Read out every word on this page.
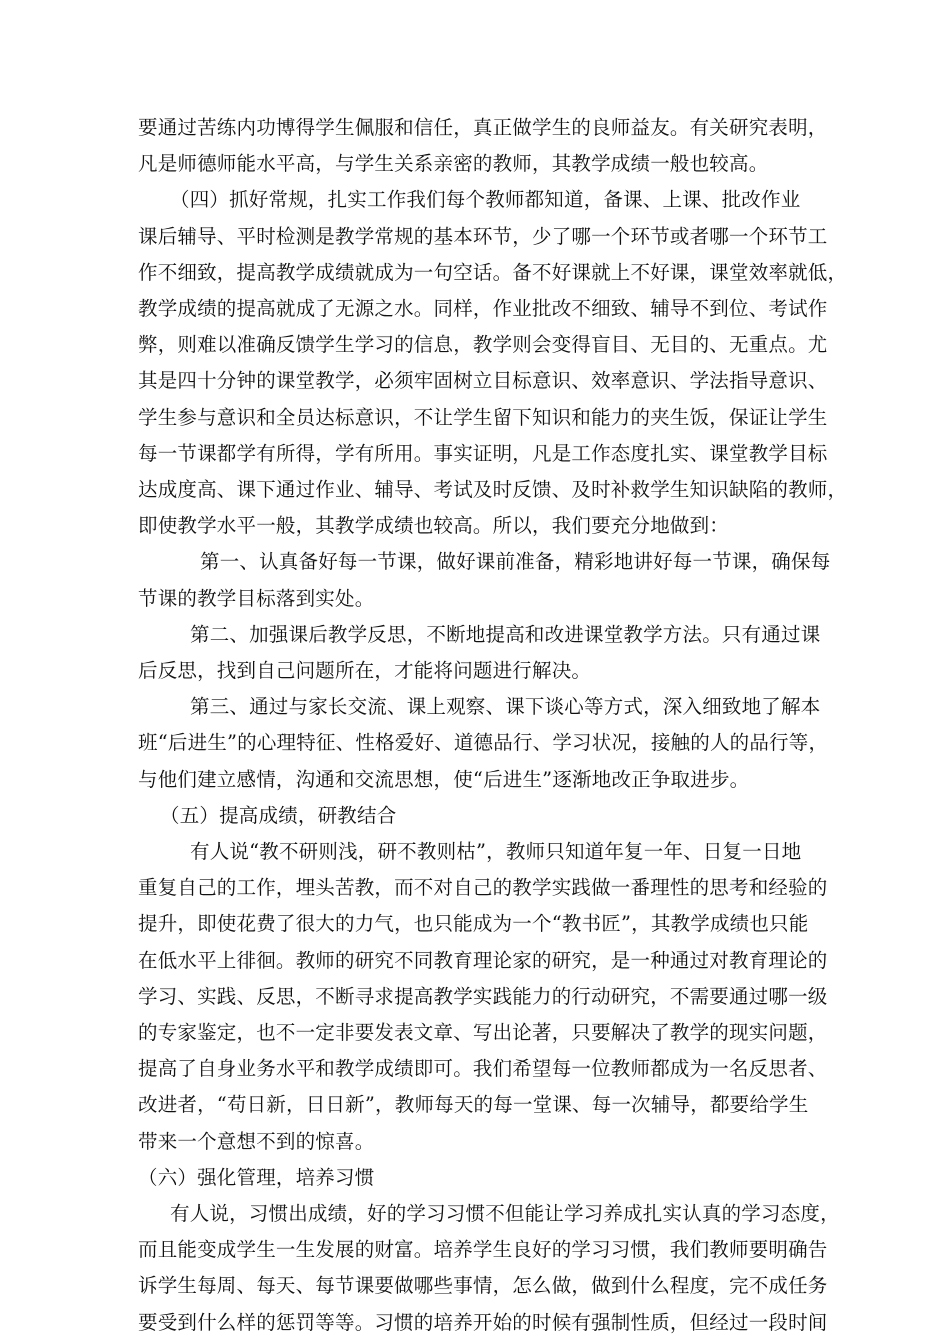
要通过苦练内功博得学生佩服和信任，真正做学生的良师益友。有关研究表明，
凡是师德师能水平高，与学生关系亲密的教师，其教学成绩一般也较高。
（四）抓好常规，扎实工作我们每个教师都知道，备课、上课、批改作业
课后辅导、平时检测是教学常规的基本环节，少了哪一个环节或者哪一个环节工
作不细致，提高教学成绩就成为一句空话。备不好课就上不好课，课堂效率就低，
教学成绩的提高就成了无源之水。同样，作业批改不细致、辅导不到位、考试作
弊，则难以准确反馈学生学习的信息，教学则会变得盲目、无目的、无重点。尤
其是四十分钟的课堂教学，必须牢固树立目标意识、效率意识、学法指导意识、
学生参与意识和全员达标意识，不让学生留下知识和能力的夹生饭，保证让学生
每一节课都学有所得，学有所用。事实证明，凡是工作态度扎实、课堂教学目标
达成度高、课下通过作业、辅导、考试及时反馈、及时补救学生知识缺陷的教师，
即使教学水平一般，其教学成绩也较高。所以，我们要充分地做到：
第一、认真备好每一节课，做好课前准备，精彩地讲好每一节课，确保每
节课的教学目标落到实处。
第二、加强课后教学反思，不断地提高和改进课堂教学方法。只有通过课
后反思，找到自己问题所在，才能将问题进行解决。
第三、通过与家长交流、课上观察、课下谈心等方式，深入细致地了解本
班“后进生”的心理特征、性格爱好、道德品行、学习状况，接触的人的品行等，
与他们建立感情，沟通和交流思想，使“后进生”逐渐地改正争取进步。
（五）提高成绩，研教结合
有人说“教不研则浅，研不教则枯”，教师只知道年复一年、日复一日地
重复自己的工作，埋头苦教，而不对自己的教学实践做一番理性的思考和经验的
提升，即使花费了很大的力气，也只能成为一个“教书匠”，其教学成绩也只能
在低水平上徘徊。教师的研究不同教育理论家的研究，是一种通过对教育理论的
学习、实践、反思，不断寻求提高教学实践能力的行动研究，不需要通过哪一级
的专家鉴定，也不一定非要发表文章、写出论著，只要解决了教学的现实问题，
提高了自身业务水平和教学成绩即可。我们希望每一位教师都成为一名反思者、
改进者，“苟日新，日日新”，教师每天的每一堂课、每一次辅导，都要给学生
带来一个意想不到的惊喜。
（六）强化管理，培养习惯
有人说，习惯出成绩，好的学习习惯不但能让学习养成扎实认真的学习态度，
而且能变成学生一生发展的财富。培养学生良好的学习习惯，我们教师要明确告
诉学生每周、每天、每节课要做哪些事情，怎么做，做到什么程度，完不成任务
要受到什么样的惩罚等等。习惯的培养开始的时候有强制性质，但经过一段时间
